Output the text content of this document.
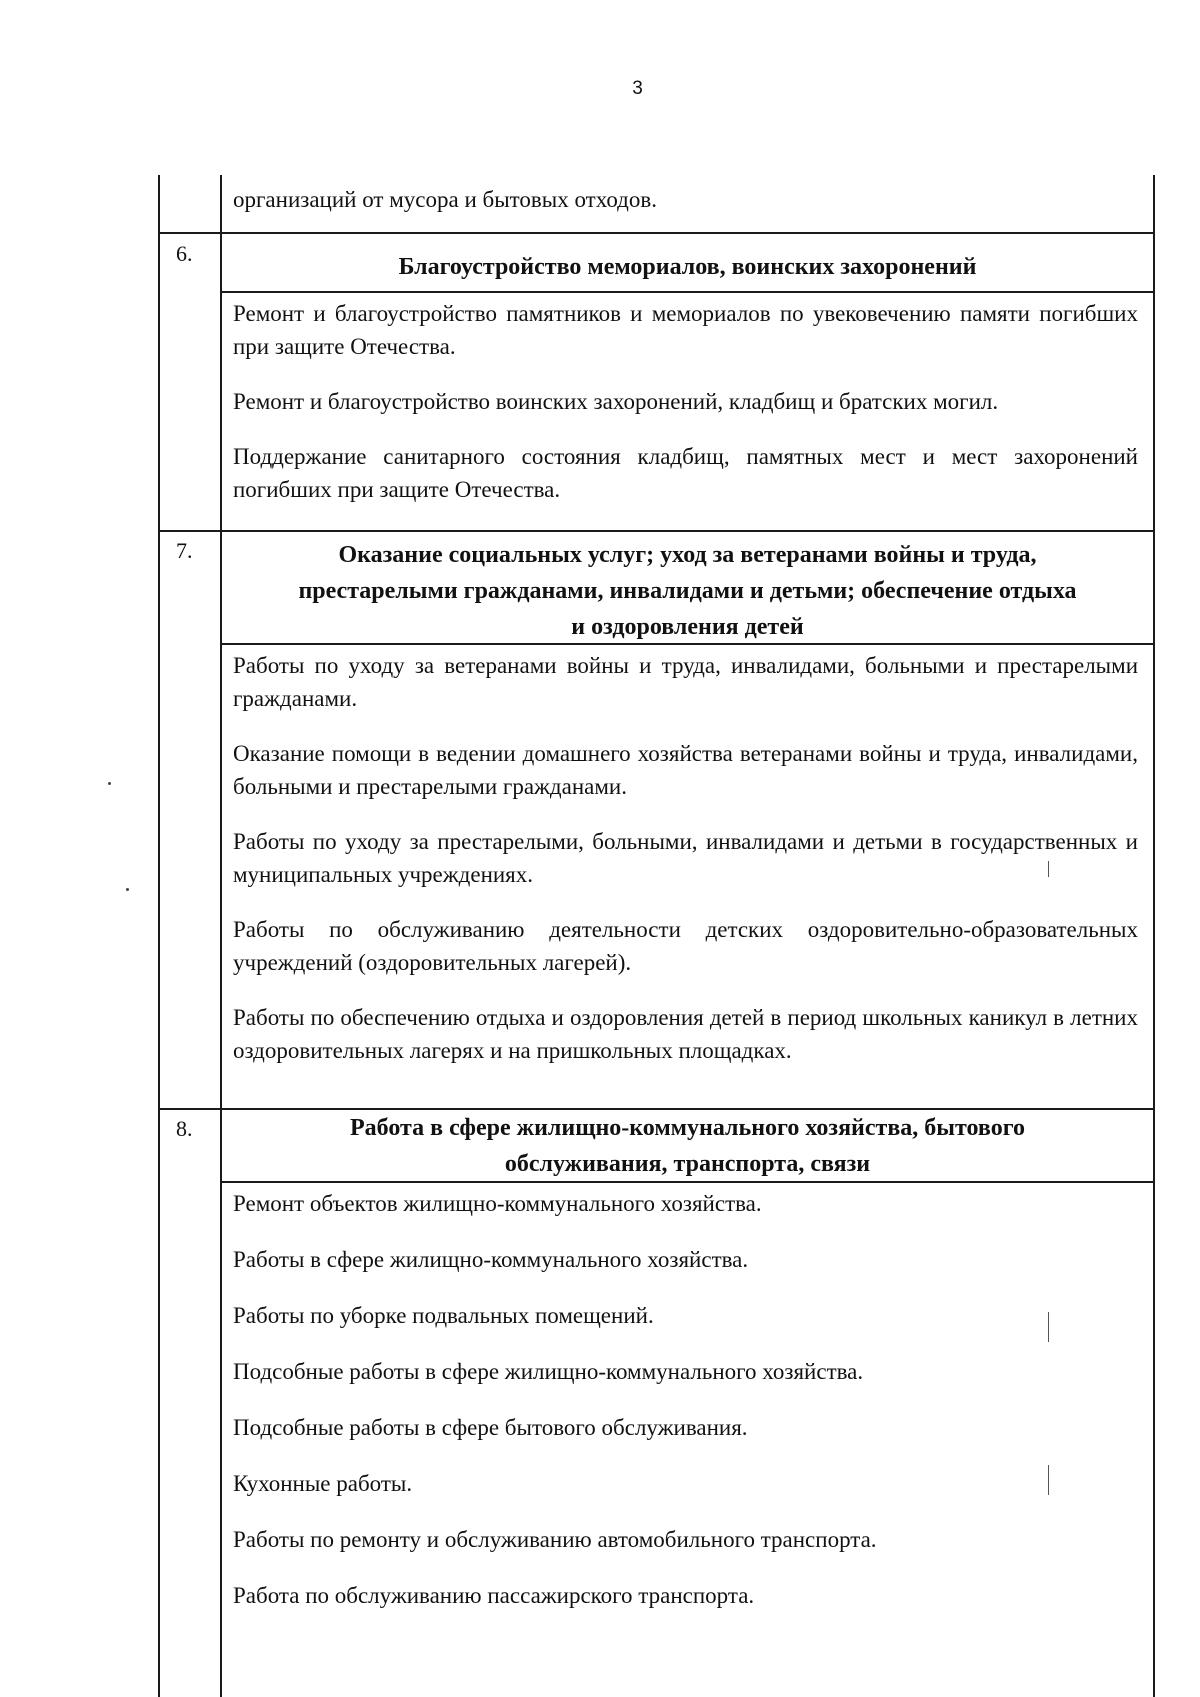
3
организаций от мусора и бытовых отходов.
6.
Благоустройство мемориалов, воинских захоронений
Ремонт и благоустройство памятников и мемориалов по увековечению памяти погибших при защите Отечества.
Ремонт и благоустройство воинских захоронений, кладбищ и братских могил.
Поддержание санитарного состояния кладбищ, памятных мест и мест захоронений погибших при защите Отечества.
7.	Оказание социальных услуг; уход за ветеранами войны и труда,
престарелыми гражданами, инвалидами и детьми; обеспечение отдыха
и оздоровления детей
Работы по уходу за ветеранами войны и труда, инвалидами, больными и престарелыми гражданами.
Оказание помощи в ведении домашнего хозяйства ветеранами войны и труда, инвалидами, больными и престарелыми гражданами.
Работы по уходу за престарелыми, больными, инвалидами и детьми в государственных и муниципальных учреждениях.
Работы по обслуживанию деятельности детских оздоровительно-образовательных учреждений (оздоровительных лагерей).
Работы по обеспечению отдыха и оздоровления детей в период школьных каникул в летних оздоровительных лагерях и на пришкольных площадках.
8.	Работа в сфере жилищно-коммунального хозяйства, бытового
обслуживания, транспорта, связи
Ремонт объектов жилищно-коммунального хозяйства.
Работы в сфере жилищно-коммунального хозяйства.
Работы по уборке подвальных помещений.
Подсобные работы в сфере жилищно-коммунального хозяйства.
Подсобные работы в сфере бытового обслуживания.
Кухонные работы.
Работы по ремонту и обслуживанию автомобильного транспорта.
Работа по обслуживанию пассажирского транспорта.
